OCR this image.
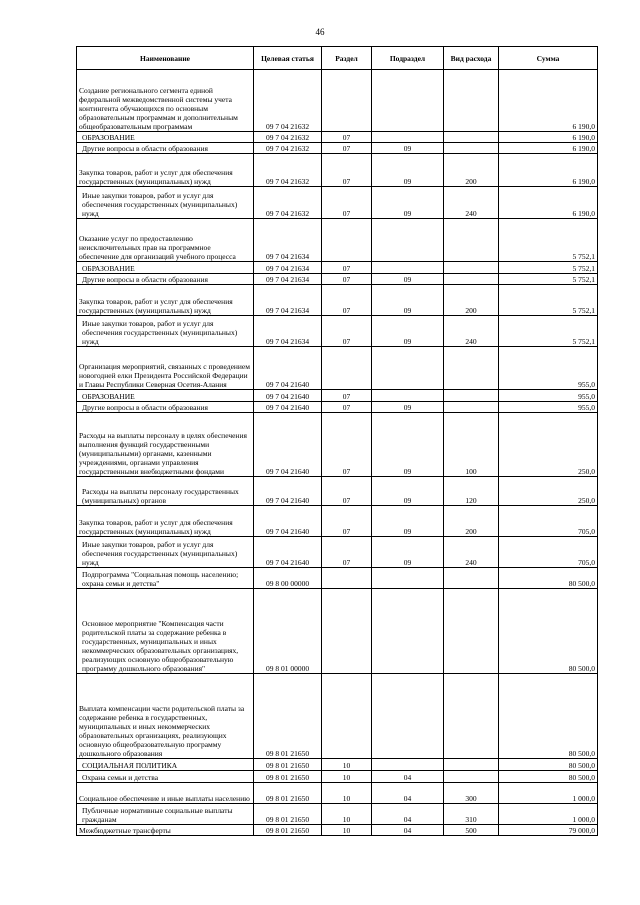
46
Наименование	Целевая статья	Раздел	Подраздел	Вид расхода	Сумма
Создание регионального сегмента единой федеральной межведомственной системы учета контингента обучающихся по основным образовательным программам и дополнительным общеобразовательным программам	09 7 04 21632				6 190,0
ОБРАЗОВАНИЕ	09 7 04 21632	07			6 190,0
Другие вопросы в области образования	09 7 04 21632	07	09		6 190,0
Закупка товаров, работ и услуг для обеспечения государственных (муниципальных) нужд	09 7 04 21632	07	09	200	6 190,0
Иные закупки товаров, работ и услуг для обеспечения государственных (муниципальных) нужд	09 7 04 21632	07	09	240	6 190,0
Оказание услуг по предоставлению неисключительных прав на программное обеспечение для организаций учебного процесса	09 7 04 21634				5 752,1
ОБРАЗОВАНИЕ	09 7 04 21634	07			5 752,1
Другие вопросы в области образования	09 7 04 21634	07	09		5 752,1
Закупка товаров, работ и услуг для обеспечения государственных (муниципальных) нужд	09 7 04 21634	07	09	200	5 752,1
Иные закупки товаров, работ и услуг для обеспечения государственных (муниципальных) нужд	09 7 04 21634	07	09	240	5 752,1
Организация мероприятий, связанных с проведением новогодней елки Президента Российской Федерации и Главы Республики Северная Осетия-Алания	09 7 04 21640				955,0
ОБРАЗОВАНИЕ	09 7 04 21640	07			955,0
Другие вопросы в области образования	09 7 04 21640	07	09		955,0
Расходы на выплаты персоналу в целях обеспечения выполнения функций государственными (муниципальными) органами, казенными учреждениями, органами управления государственными внебюджетными фондами	09 7 04 21640	07	09	100	250,0
Расходы на выплаты персоналу государственных (муниципальных) органов	09 7 04 21640	07	09	120	250,0
Закупка товаров, работ и услуг для обеспечения государственных (муниципальных) нужд	09 7 04 21640	07	09	200	705,0
Иные закупки товаров, работ и услуг для обеспечения государственных (муниципальных) нужд	09 7 04 21640	07	09	240	705,0
Подпрограмма "Социальная помощь населению; охрана семьи и детства"	09 8 00 00000				80 500,0
Основное мероприятие "Компенсация части родительской платы за содержание ребенка в государственных, муниципальных и иных некоммерческих образовательных организациях, реализующих основную общеобразовательную программу дошкольного образования"	09 8 01 00000				80 500,0
Выплата компенсации части родительской платы за содержание ребенка в государственных, муниципальных и иных некоммерческих образовательных организациях, реализующих основную общеобразовательную программу дошкольного образования	09 8 01 21650				80 500,0
СОЦИАЛЬНАЯ ПОЛИТИКА	09 8 01 21650	10			80 500,0
Охрана семьи и детства	09 8 01 21650	10	04		80 500,0
Социальное обеспечение и иные выплаты населению	09 8 01 21650	10	04	300	1 000,0
Публичные нормативные социальные выплаты гражданам	09 8 01 21650	10	04	310	1 000,0
Межбюджетные трансферты	09 8 01 21650	10	04	500	79 000,0
